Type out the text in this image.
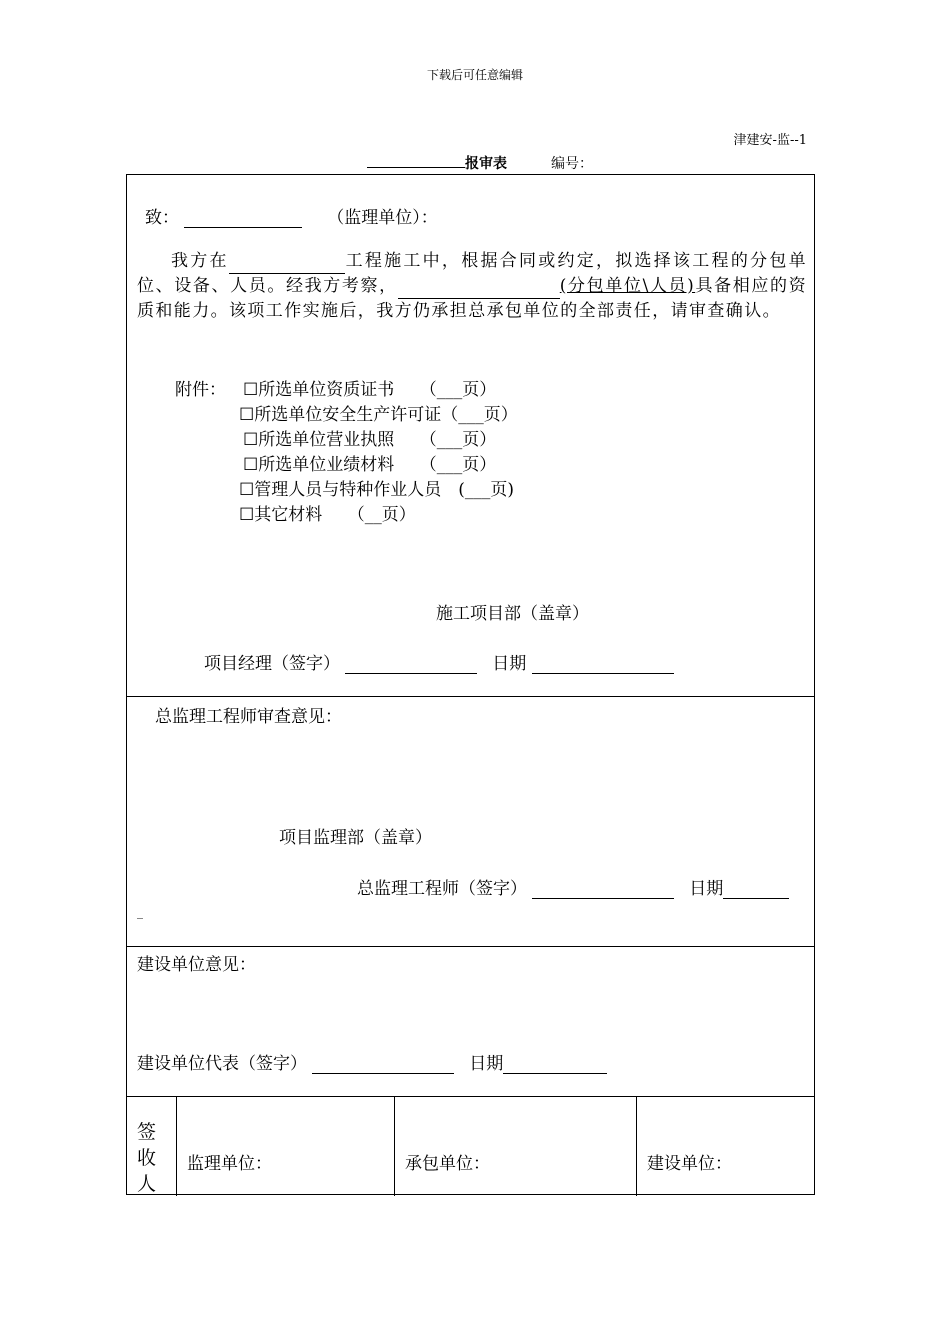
下载后可任意编辑
津建安-监--1
报审表	编号：
致：	（监理单位）：
我方在	工程施工中，根据合同或约定，拟选择该工程的分包单位、设备、人员。经我方考察，	(分包单位\人员)具备相应的资质和能力。该项工作实施后，我方仍承担总承包单位的全部责任，请审查确认。
附件： ☐所选单位资质证书　　（___页）
☐所选单位安全生产许可证（___页）
☐所选单位营业执照　　（___页）
☐所选单位业绩材料　　（___页）
☐管理人员与特种作业人员　(___页)
☐其它材料　　（__页）
施工项目部（盖章）
项目经理（签字）	日期
总监理工程师审查意见：
项目监理部（盖章）
总监理工程师（签字）	日期
_
建设单位意见：
建设单位代表（签字）	日期
签
收
人
监理单位：	承包单位：	建设单位：
